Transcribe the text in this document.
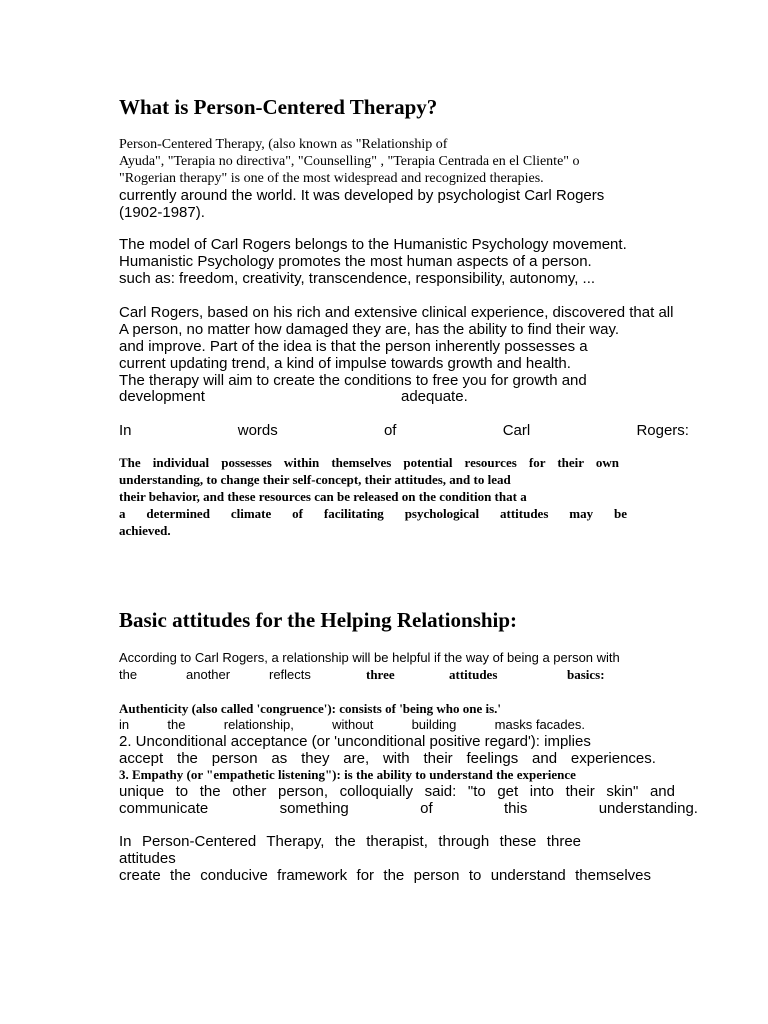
What is Person-Centered Therapy?
Person-Centered Therapy, (also known as "Relationship of
Ayuda", "Terapia no directiva", "Counselling" , "Terapia Centrada en el Cliente" o
"Rogerian therapy" is one of the most widespread and recognized therapies.
currently around the world. It was developed by psychologist Carl Rogers
(1902-1987).
The model of Carl Rogers belongs to the Humanistic Psychology movement.
Humanistic Psychology promotes the most human aspects of a person.
such as: freedom, creativity, transcendence, responsibility, autonomy, ...
Carl Rogers, based on his rich and extensive clinical experience, discovered that all
A person, no matter how damaged they are, has the ability to find their way.
and improve. Part of the idea is that the person inherently possesses a
current updating trend, a kind of impulse towards growth and health.
The therapy will aim to create the conditions to free you for growth and
development	adequate.
In	words	of	Carl	Rogers:
The individual possesses within themselves potential resources for their own
understanding, to change their self-concept, their attitudes, and to lead
their behavior, and these resources can be released on the condition that a
a determined climate of facilitating psychological attitudes may be
achieved.
Basic attitudes for the Helping Relationship:
According to Carl Rogers, a relationship will be helpful if the way of being a person with
the	another	reflects	three	attitudes	basics:
Authenticity (also called 'congruence'): consists of 'being who one is.'
in	the	relationship,	without	building	masks facades.
2. Unconditional acceptance (or 'unconditional positive regard'): implies
accept the person as they are, with their feelings and experiences.
3. Empathy (or "empathetic listening"): is the ability to understand the experience
unique to the other person, colloquially said: "to get into their skin" and
communicate	something	of	this	understanding.
In Person-Centered Therapy, the therapist, through these three
attitudes
create the conducive framework for the person to understand themselves
